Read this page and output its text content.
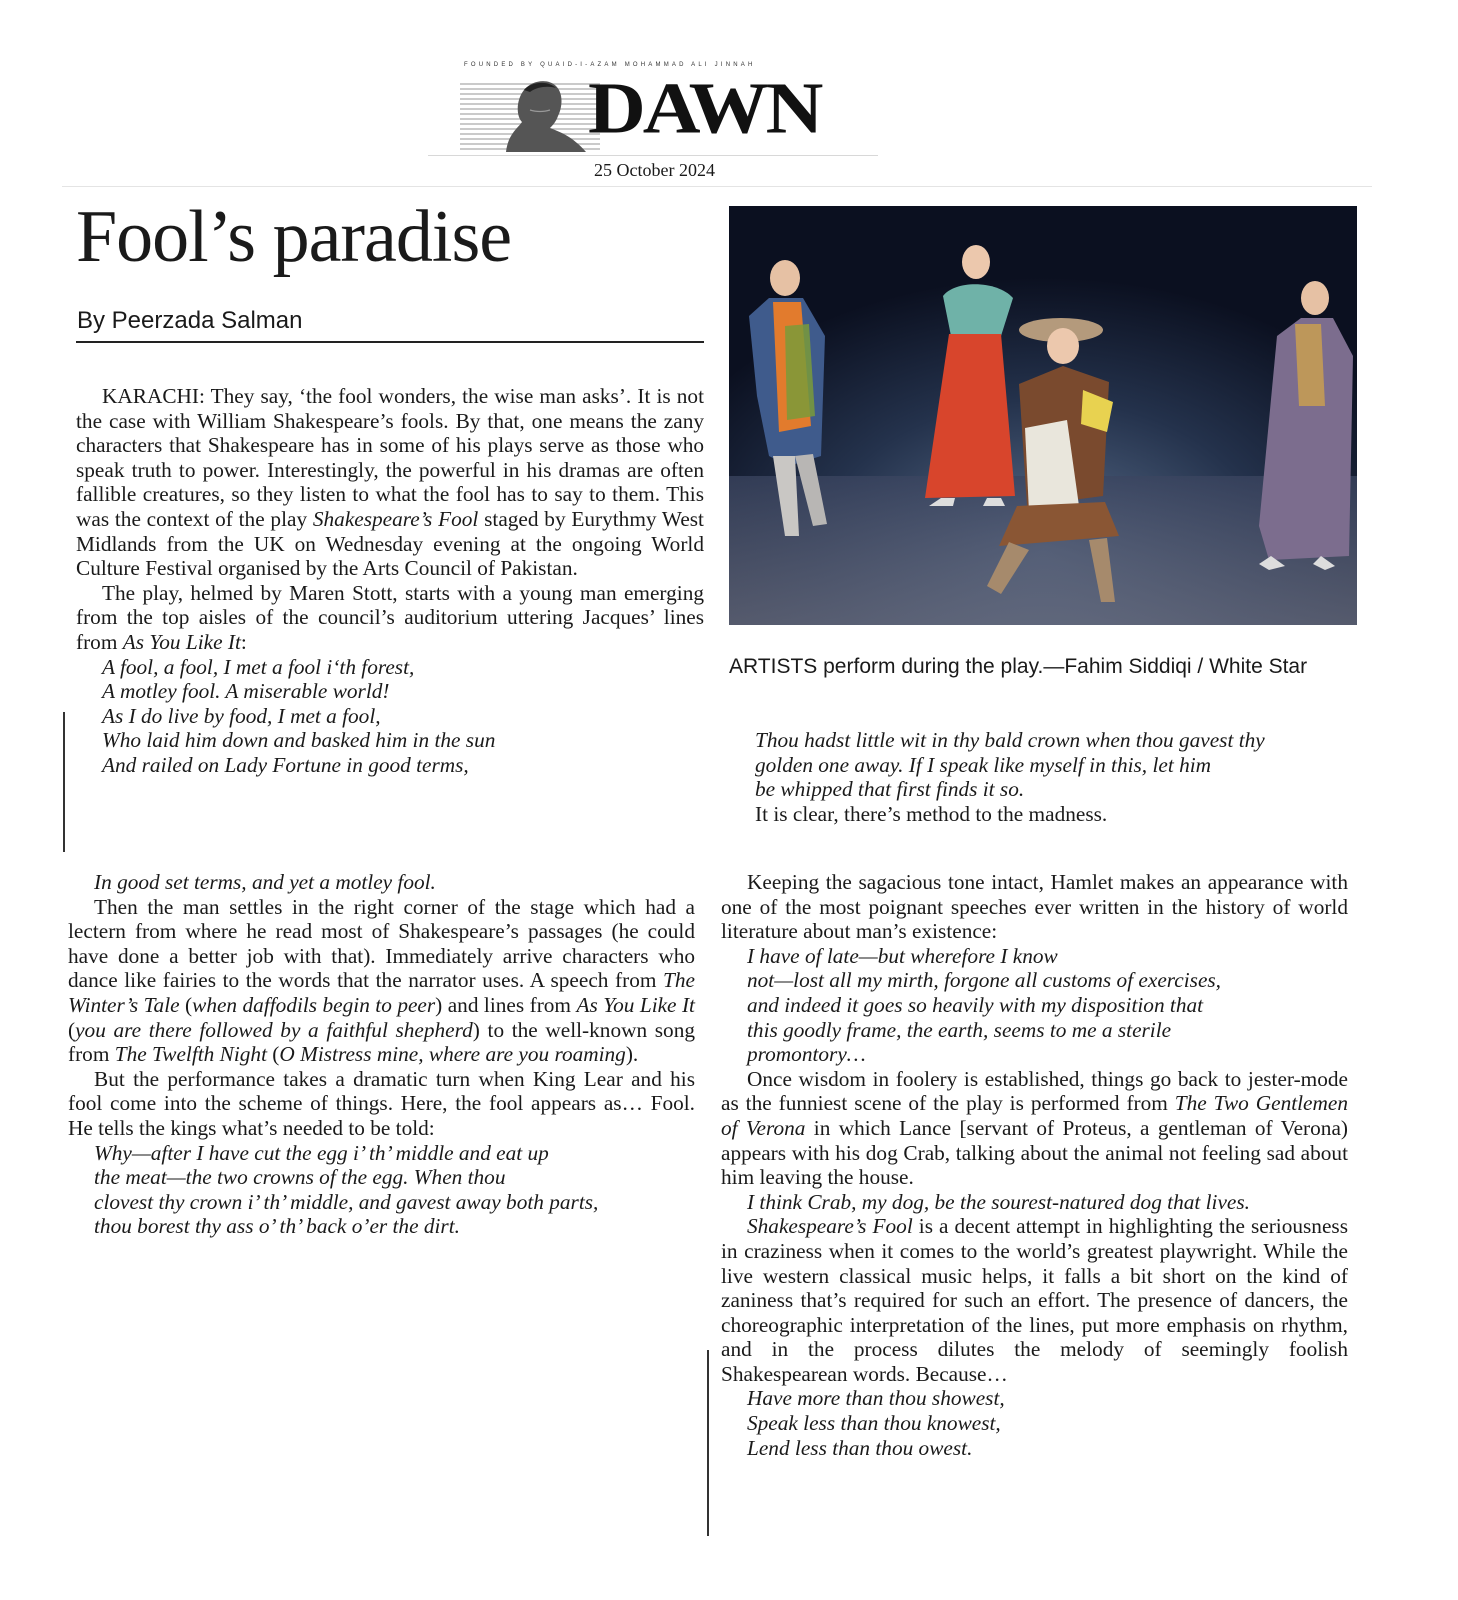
FOUNDED BY QUAID-I-AZAM MOHAMMAD ALI JINNAH
DAWN
25 October 2024
Fool’s paradise
By Peerzada Salman

KARACHI: They say, ‘the fool wonders, the wise man asks’. It is not the case with William Shakespeare’s fools. By that, one means the zany characters that Shakespeare has in some of his plays serve as those who speak truth to power. Interestingly, the powerful in his dramas are often fallible creatures, so they listen to what the fool has to say to them. This was the context of the play Shakespeare’s Fool staged by Eurythmy West Midlands from the UK on Wednesday evening at the ongoing World Culture Festival organised by the Arts Council of Pakistan.

The play, helmed by Maren Stott, starts with a young man emerging from the top aisles of the council’s auditorium uttering Jacques’ lines from As You Like It:

A fool, a fool, I met a fool i‘th forest,
A motley fool. A miserable world!
As I do live by food, I met a fool,
Who laid him down and basked him in the sun
And railed on Lady Fortune in good terms,
In good set terms, and yet a motley fool.

Then the man settles in the right corner of the stage which had a lectern from where he read most of Shakespeare’s passages (he could have done a better job with that). Immediately arrive characters who dance like fairies to the words that the narrator uses. A speech from The Winter’s Tale (when daffodils begin to peer) and lines from As You Like It (you are there followed by a faithful shepherd) to the well-known song from The Twelfth Night (O Mistress mine, where are you roaming).

But the performance takes a dramatic turn when King Lear and his fool come into the scheme of things. Here, the fool appears as… Fool. He tells the kings what’s needed to be told:

Why—after I have cut the egg i’ th’ middle and eat up
the meat—the two crowns of the egg. When thou
clovest thy crown i’ th’ middle, and gavest away both parts,
thou borest thy ass o’ th’ back o’er the dirt.
ARTISTS perform during the play.—Fahim Siddiqi / White Star
Thou hadst little wit in thy bald crown when thou gavest thy
golden one away. If I speak like myself in this, let him
be whipped that first finds it so.
It is clear, there’s method to the madness.

Keeping the sagacious tone intact, Hamlet makes an appearance with one of the most poignant speeches ever written in the history of world literature about man’s existence:

I have of late—but wherefore I know
not—lost all my mirth, forgone all customs of exercises,
and indeed it goes so heavily with my disposition that
this goodly frame, the earth, seems to me a sterile
promontory…

Once wisdom in foolery is established, things go back to jester-mode as the funniest scene of the play is performed from The Two Gentlemen of Verona in which Lance [servant of Proteus, a gentleman of Verona) appears with his dog Crab, talking about the animal not feeling sad about him leaving the house.

I think Crab, my dog, be the sourest-natured dog that lives.

Shakespeare’s Fool is a decent attempt in highlighting the seriousness in craziness when it comes to the world’s greatest playwright. While the live western classical music helps, it falls a bit short on the kind of zaniness that’s required for such an effort. The presence of dancers, the choreographic interpretation of the lines, put more emphasis on rhythm, and in the process dilutes the melody of seemingly foolish Shakespearean words. Because…

Have more than thou showest,
Speak less than thou knowest,
Lend less than thou owest.
